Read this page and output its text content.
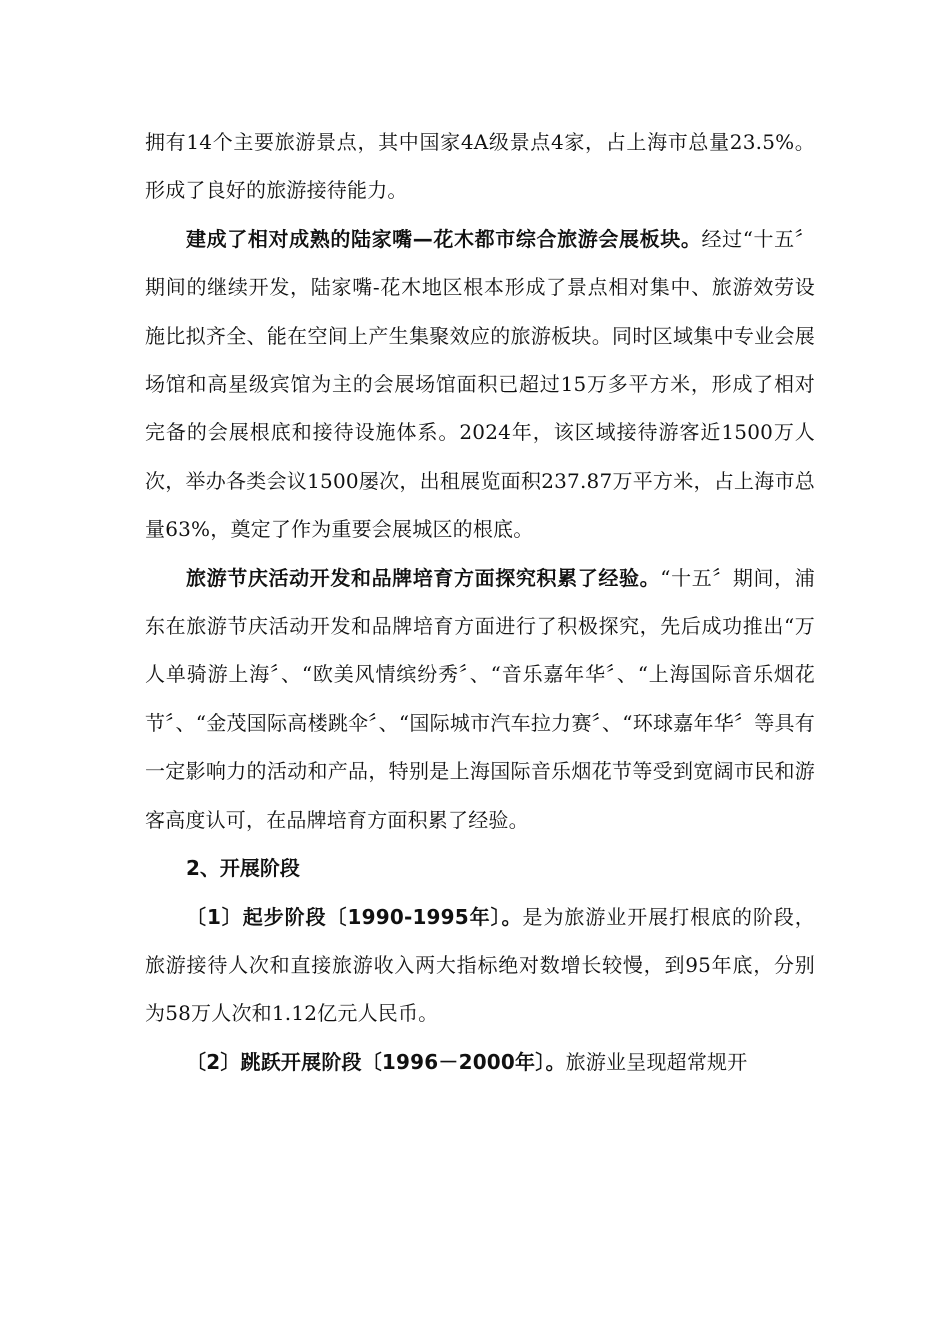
拥有14个主要旅游景点，其中国家4A级景点4家，占上海市总量23.5%。形成了良好的旅游接待能力。

建成了相对成熟的陆家嘴—花木都市综合旅游会展板块。经过“十五〞期间的继续开发，陆家嘴-花木地区根本形成了景点相对集中、旅游效劳设施比拟齐全、能在空间上产生集聚效应的旅游板块。同时区域集中专业会展场馆和高星级宾馆为主的会展场馆面积已超过15万多平方米，形成了相对完备的会展根底和接待设施体系。2024年，该区域接待游客近1500万人次，举办各类会议1500屡次，出租展览面积237.87万平方米，占上海市总量63%，奠定了作为重要会展城区的根底。

旅游节庆活动开发和品牌培育方面探究积累了经验。“十五〞期间，浦东在旅游节庆活动开发和品牌培育方面进行了积极探究，先后成功推出“万人单骑游上海〞、“欧美风情缤纷秀〞、“音乐嘉年华〞、“上海国际音乐烟花节〞、“金茂国际高楼跳伞〞、“国际城市汽车拉力赛〞、“环球嘉年华〞等具有一定影响力的活动和产品，特别是上海国际音乐烟花节等受到宽阔市民和游客高度认可，在品牌培育方面积累了经验。

2、开展阶段

〔1〕起步阶段〔1990-1995年〕。是为旅游业开展打根底的阶段，旅游接待人次和直接旅游收入两大指标绝对数增长较慢，到95年底，分别为58万人次和1.12亿元人民币。

〔2〕跳跃开展阶段〔1996－2000年〕。旅游业呈现超常规开
